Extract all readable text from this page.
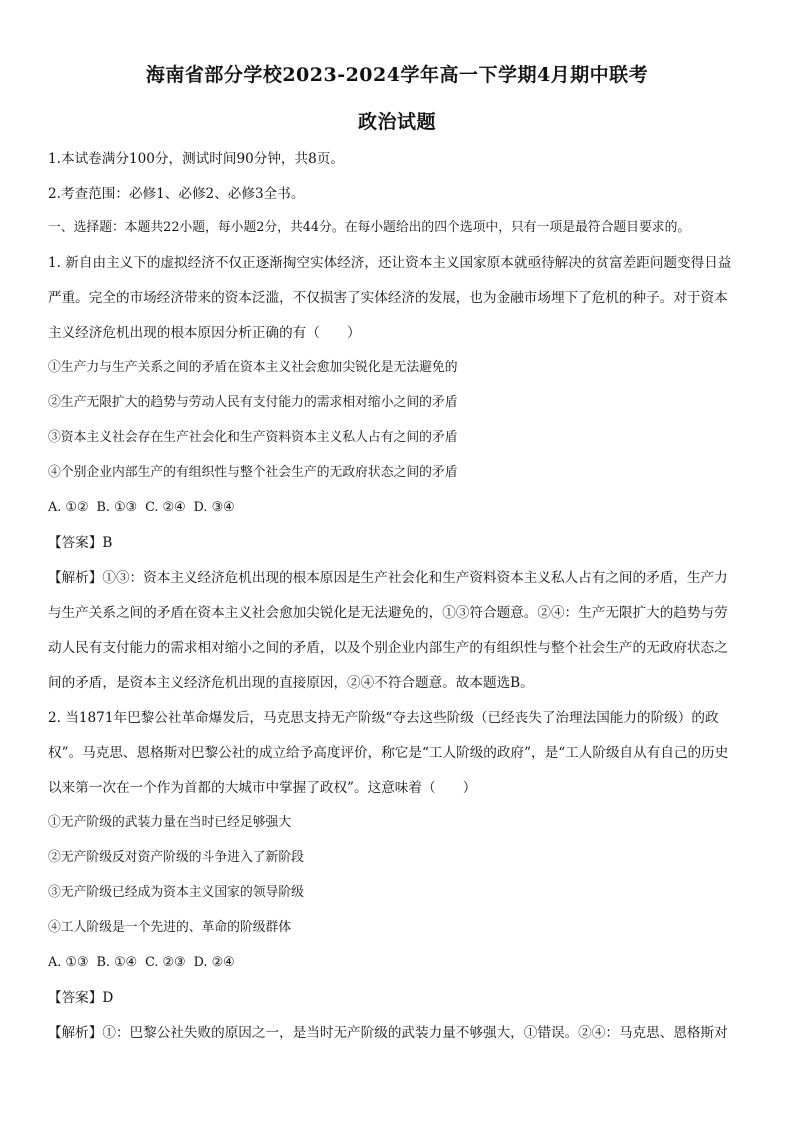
海南省部分学校2023-2024学年高一下学期4月期中联考
政治试题
1.本试卷满分100分，测试时间90分钟，共8页。
2.考查范围：必修1、必修2、必修3全书。
一、选择题：本题共22小题，每小题2分，共44分。在每小题给出的四个选项中，只有一项是最符合题目要求的。
1. 新自由主义下的虚拟经济不仅正逐渐掏空实体经济，还让资本主义国家原本就亟待解决的贫富差距问题变得日益
严重。完全的市场经济带来的资本泛滥，不仅损害了实体经济的发展，也为金融市场埋下了危机的种子。对于资本
主义经济危机出现的根本原因分析正确的有（　　）
①生产力与生产关系之间的矛盾在资本主义社会愈加尖锐化是无法避免的
②生产无限扩大的趋势与劳动人民有支付能力的需求相对缩小之间的矛盾
③资本主义社会存在生产社会化和生产资料资本主义私人占有之间的矛盾
④个别企业内部生产的有组织性与整个社会生产的无政府状态之间的矛盾
A. ①②  B. ①③  C. ②④  D. ③④
【答案】B
【解析】①③：资本主义经济危机出现的根本原因是生产社会化和生产资料资本主义私人占有之间的矛盾，生产力
与生产关系之间的矛盾在资本主义社会愈加尖锐化是无法避免的，①③符合题意。②④：生产无限扩大的趋势与劳
动人民有支付能力的需求相对缩小之间的矛盾，以及个别企业内部生产的有组织性与整个社会生产的无政府状态之
间的矛盾，是资本主义经济危机出现的直接原因，②④不符合题意。故本题选B。
2. 当1871年巴黎公社革命爆发后，马克思支持无产阶级“夺去这些阶级（已经丧失了治理法国能力的阶级）的政
权”。马克思、恩格斯对巴黎公社的成立给予高度评价，称它是“工人阶级的政府”，是“工人阶级自从有自己的历史
以来第一次在一个作为首都的大城市中掌握了政权”。这意味着（　　）
①无产阶级的武装力量在当时已经足够强大
②无产阶级反对资产阶级的斗争进入了新阶段
③无产阶级已经成为资本主义国家的领导阶级
④工人阶级是一个先进的、革命的阶级群体
A. ①③  B. ①④  C. ②③  D. ②④
【答案】D
【解析】①：巴黎公社失败的原因之一，是当时无产阶级的武装力量不够强大，①错误。②④：马克思、恩格斯对
